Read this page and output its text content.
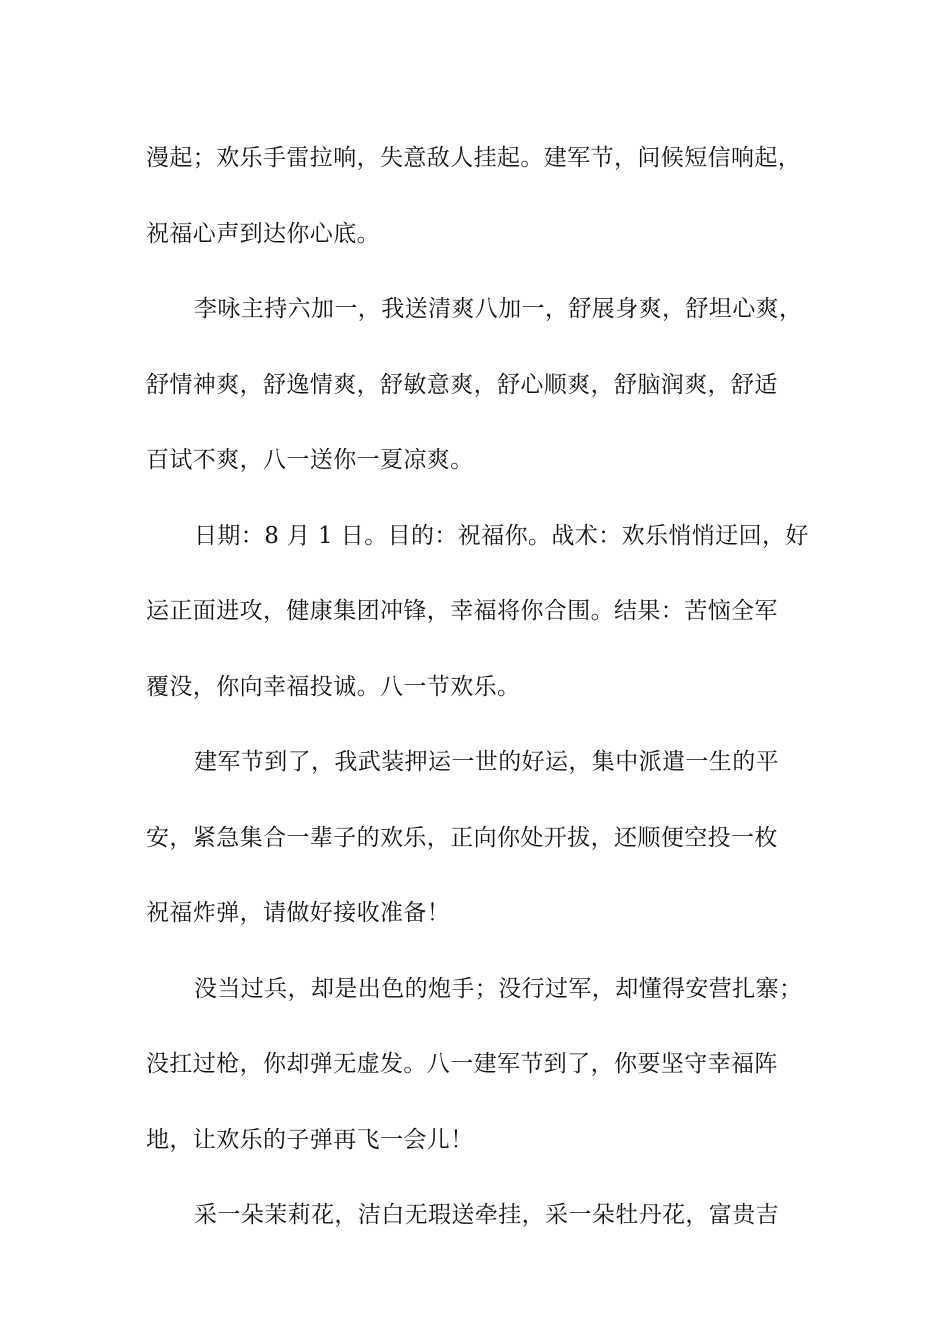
漫起；欢乐手雷拉响，失意敌人挂起。建军节，问候短信响起，
祝福心声到达你心底。
李咏主持六加一，我送清爽八加一，舒展身爽，舒坦心爽，
舒情神爽，舒逸情爽，舒敏意爽，舒心顺爽，舒脑润爽，舒适
百试不爽，八一送你一夏凉爽。
日期：8 月 1 日。目的：祝福你。战术：欢乐悄悄迂回，好
运正面进攻，健康集团冲锋，幸福将你合围。结果：苦恼全军
覆没，你向幸福投诚。八一节欢乐。
建军节到了，我武装押运一世的好运，集中派遣一生的平
安，紧急集合一辈子的欢乐，正向你处开拔，还顺便空投一枚
祝福炸弹，请做好接收准备！
没当过兵，却是出色的炮手；没行过军，却懂得安营扎寨；
没扛过枪，你却弹无虚发。八一建军节到了，你要坚守幸福阵
地，让欢乐的子弹再飞一会儿！
采一朵茉莉花，洁白无瑕送牵挂，采一朵牡丹花，富贵吉
